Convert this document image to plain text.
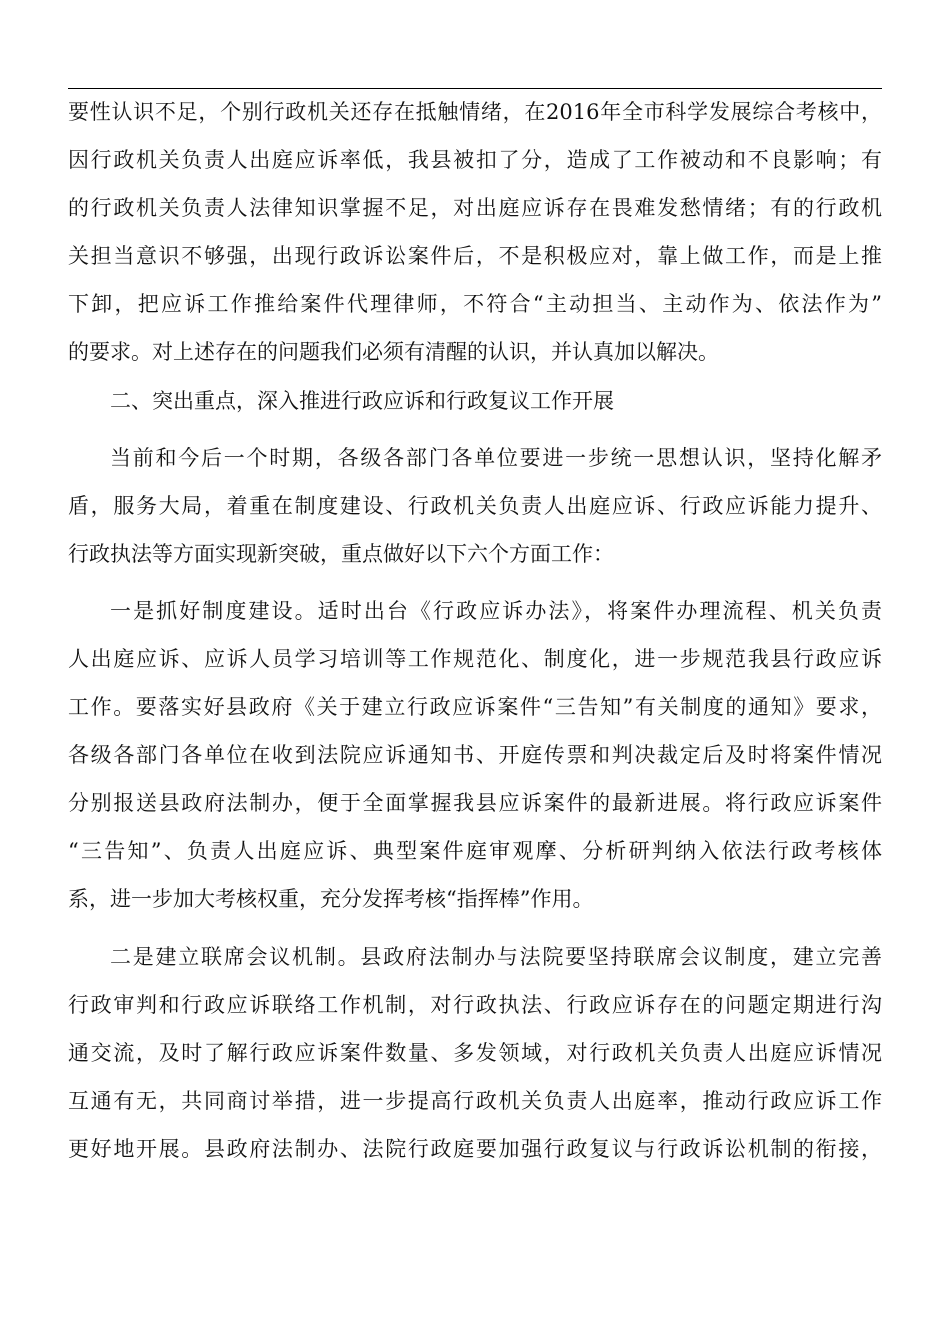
要性认识不足，个别行政机关还存在抵触情绪，在2016年全市科学发展综合考核中，
因行政机关负责人出庭应诉率低，我县被扣了分，造成了工作被动和不良影响；有
的行政机关负责人法律知识掌握不足，对出庭应诉存在畏难发愁情绪；有的行政机
关担当意识不够强，出现行政诉讼案件后，不是积极应对，靠上做工作，而是上推
下卸，把应诉工作推给案件代理律师，不符合“主动担当、主动作为、依法作为”
的要求。对上述存在的问题我们必须有清醒的认识，并认真加以解决。
二、突出重点，深入推进行政应诉和行政复议工作开展
当前和今后一个时期，各级各部门各单位要进一步统一思想认识，坚持化解矛
盾，服务大局，着重在制度建设、行政机关负责人出庭应诉、行政应诉能力提升、
行政执法等方面实现新突破，重点做好以下六个方面工作：
一是抓好制度建设。适时出台《行政应诉办法》，将案件办理流程、机关负责
人出庭应诉、应诉人员学习培训等工作规范化、制度化，进一步规范我县行政应诉
工作。要落实好县政府《关于建立行政应诉案件“三告知”有关制度的通知》要求，
各级各部门各单位在收到法院应诉通知书、开庭传票和判决裁定后及时将案件情况
分别报送县政府法制办，便于全面掌握我县应诉案件的最新进展。将行政应诉案件
“三告知”、负责人出庭应诉、典型案件庭审观摩、分析研判纳入依法行政考核体
系，进一步加大考核权重，充分发挥考核“指挥棒”作用。
二是建立联席会议机制。县政府法制办与法院要坚持联席会议制度，建立完善
行政审判和行政应诉联络工作机制，对行政执法、行政应诉存在的问题定期进行沟
通交流，及时了解行政应诉案件数量、多发领域，对行政机关负责人出庭应诉情况
互通有无，共同商讨举措，进一步提高行政机关负责人出庭率，推动行政应诉工作
更好地开展。县政府法制办、法院行政庭要加强行政复议与行政诉讼机制的衔接，
